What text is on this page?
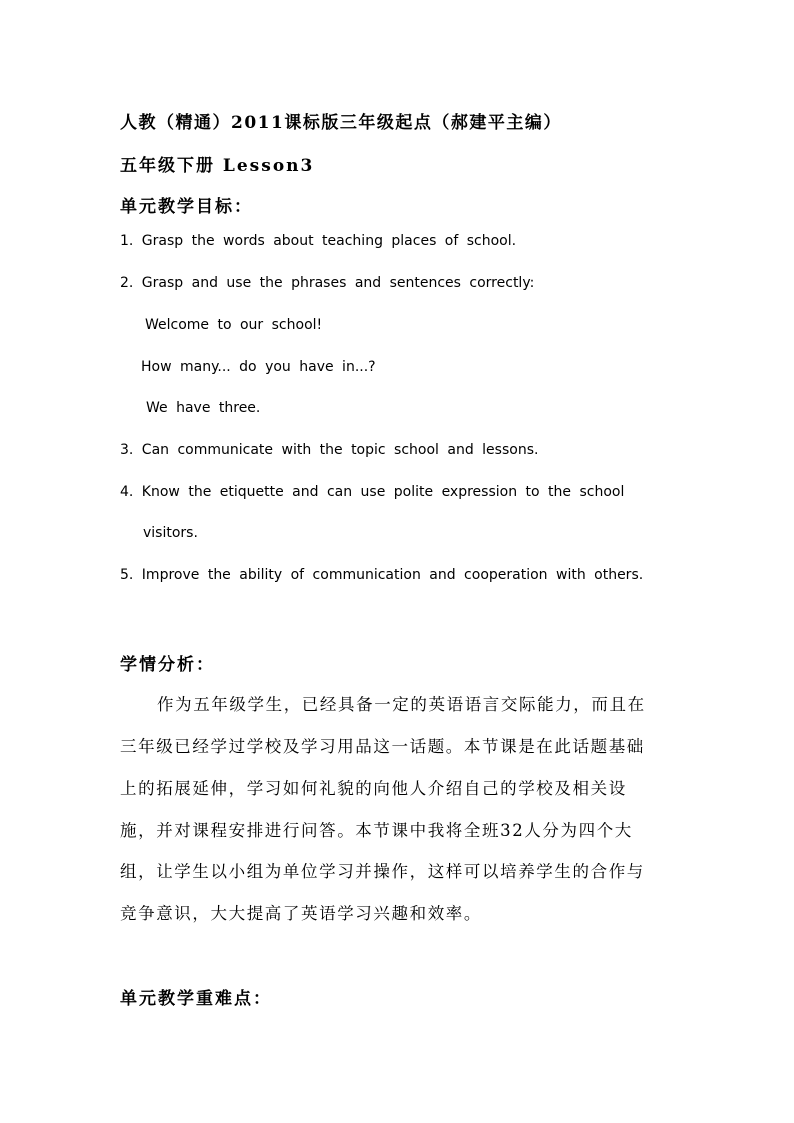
人教（精通）2011课标版三年级起点（郝建平主编）
五年级下册 Lesson3
单元教学目标：
1. Grasp the words about teaching places of school.
2. Grasp and use the phrases and sentences correctly:
Welcome to our school!
How many... do you have in...?
We have three.
3. Can communicate with the topic school and lessons.
4. Know the etiquette and can use polite expression to the school
visitors.
5. Improve the ability of communication and cooperation with others.
学情分析：
作为五年级学生，已经具备一定的英语语言交际能力，而且在
三年级已经学过学校及学习用品这一话题。本节课是在此话题基础
上的拓展延伸，学习如何礼貌的向他人介绍自己的学校及相关设
施，并对课程安排进行问答。本节课中我将全班32人分为四个大
组，让学生以小组为单位学习并操作，这样可以培养学生的合作与
竞争意识，大大提高了英语学习兴趣和效率。
单元教学重难点：
